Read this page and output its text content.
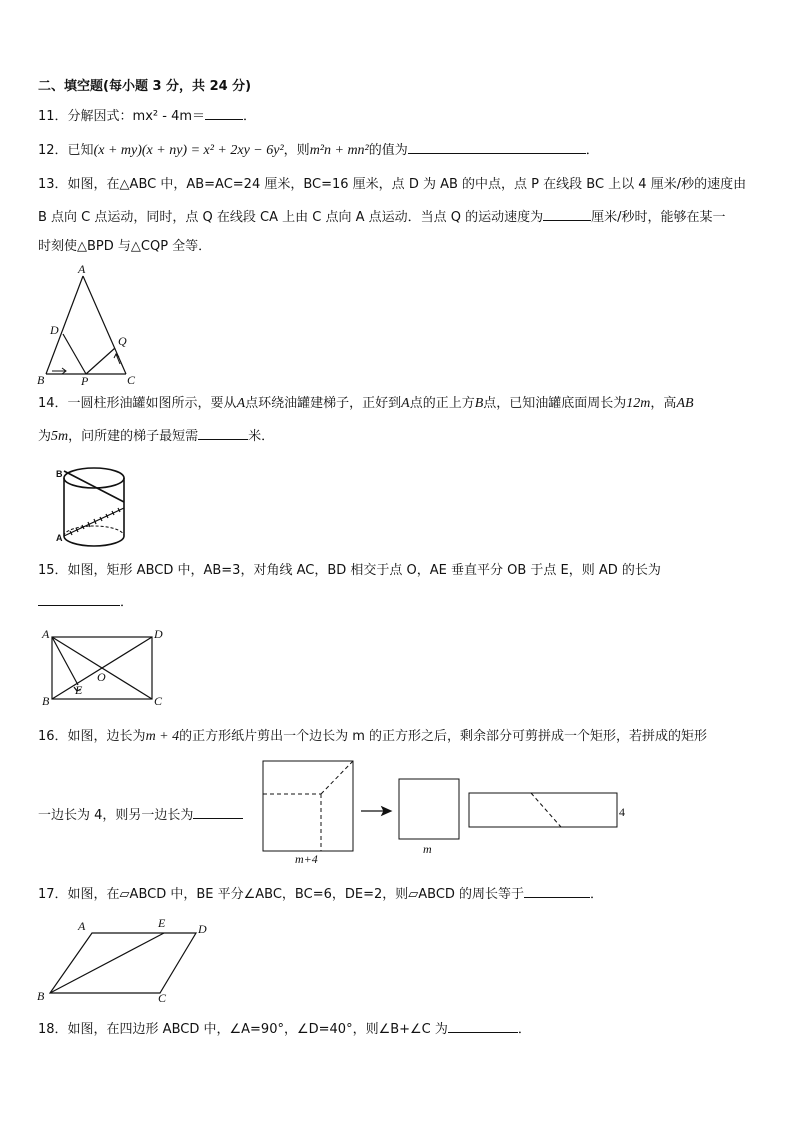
二、填空题(每小题 3 分，共 24 分)
11．分解因式：mx² - 4m＝	．
12．已知(x + my)(x + ny) = x² + 2xy − 6y²，则m²n + mn²的值为	．
13．如图，在△ABC 中，AB=AC=24 厘米，BC=16 厘米，点 D 为 AB 的中点，点 P 在线段 BC 上以 4 厘米/秒的速度由
B 点向 C 点运动，同时，点 Q 在线段 CA 上由 C 点向 A 点运动．当点 Q 的运动速度为	厘米/秒时，能够在某一
时刻使△BPD 与△CQP 全等．
A
D
Q
B	P	C
14．一圆柱形油罐如图所示，要从A点环绕油罐建梯子，正好到A点的正上方B点，已知油罐底面周长为12m，高AB
为5m，问所建的梯子最短需	米．
B
A
15．如图，矩形 ABCD 中，AB=3，对角线 AC，BD 相交于点 O，AE 垂直平分 OB 于点 E，则 AD 的长为
．
A	D
B	C
E
O
16．如图，边长为m + 4的正方形纸片剪出一个边长为 m 的正方形之后，剩余部分可剪拼成一个矩形，若拼成的矩形
一边长为 4，则另一边长为
m+4
m
4
17．如图，在▱ABCD 中，BE 平分∠ABC，BC=6，DE=2，则▱ABCD 的周长等于	．
A	E	D
B	C
18．如图，在四边形 ABCD 中，∠A=90°，∠D=40°，则∠B+∠C 为	．
